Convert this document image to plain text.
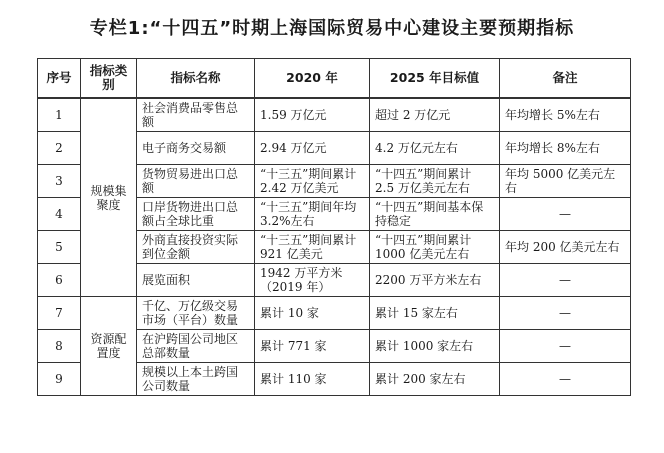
专栏1:“十四五”时期上海国际贸易中心建设主要预期指标
序号	指标类别	指标名称	2020 年	2025 年目标值	备注
1	规模集聚度	社会消费品零售总额	1.59 万亿元	超过 2 万亿元	年均增长 5%左右
2		电子商务交易额	2.94 万亿元	4.2 万亿元左右	年均增长 8%左右
3		货物贸易进出口总额	“十三五”期间累计 2.42 万亿美元	“十四五”期间累计 2.5 万亿美元左右	年均 5000 亿美元左右
4		口岸货物进出口总额占全球比重	“十三五”期间年均 3.2%左右	“十四五”期间基本保持稳定	—
5		外商直接投资实际到位金额	“十三五”期间累计 921 亿美元	“十四五”期间累计 1000 亿美元左右	年均 200 亿美元左右
6		展览面积	1942 万平方米（2019 年）	2200 万平方米左右	—
7	资源配置度	千亿、万亿级交易市场（平台）数量	累计 10 家	累计 15 家左右	—
8		在沪跨国公司地区总部数量	累计 771 家	累计 1000 家左右	—
9		规模以上本土跨国公司数量	累计 110 家	累计 200 家左右	—
